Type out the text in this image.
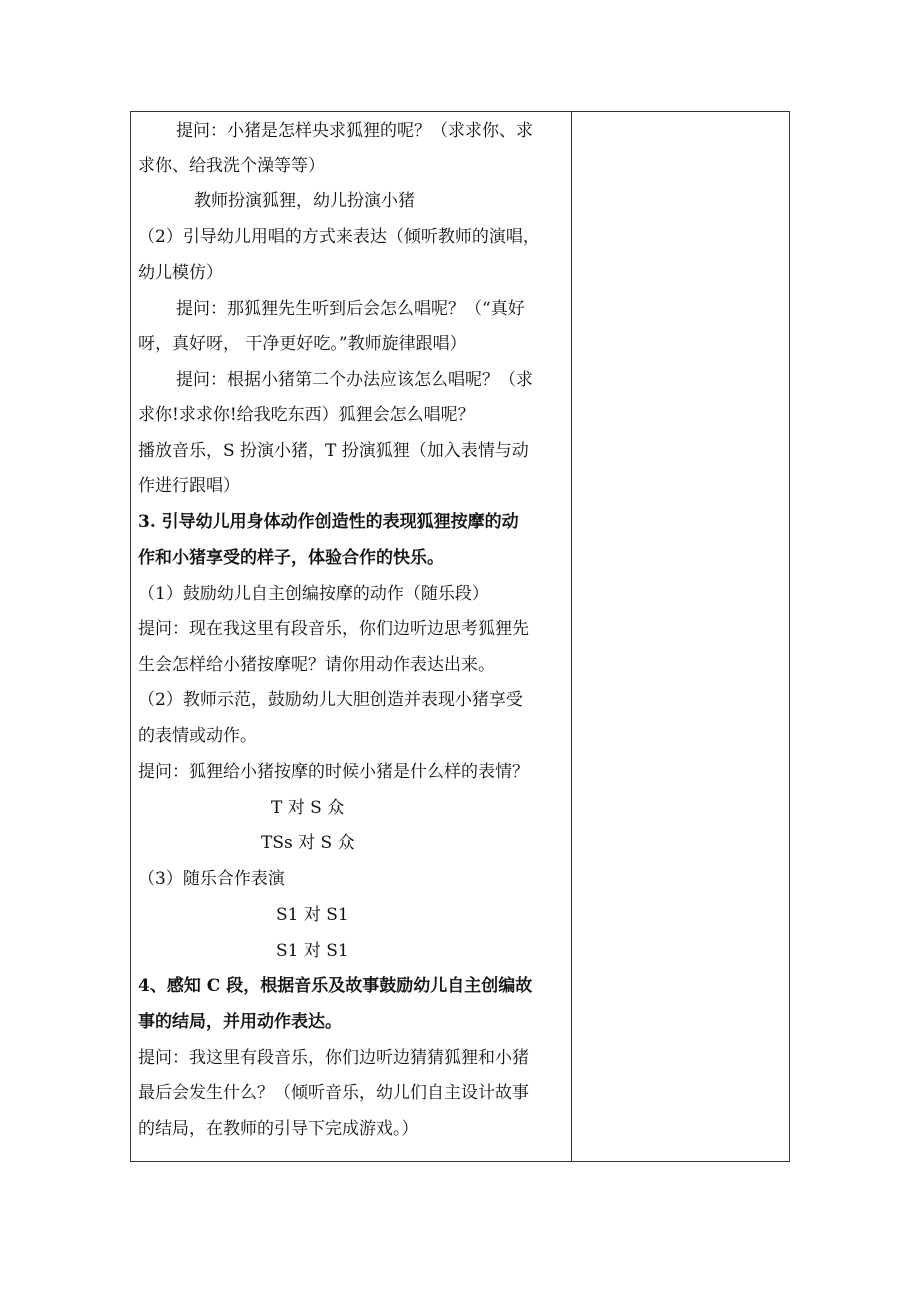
提问：小猪是怎样央求狐狸的呢？（求求你、求
求你、给我洗个澡等等）
教师扮演狐狸，幼儿扮演小猪
（2）引导幼儿用唱的方式来表达（倾听教师的演唱，
幼儿模仿）
提问：那狐狸先生听到后会怎么唱呢？（“真好
呀，真好呀， 干净更好吃。”教师旋律跟唱）
提问：根据小猪第二个办法应该怎么唱呢？（求
求你!求求你!给我吃东西）狐狸会怎么唱呢？
播放音乐，S 扮演小猪，T 扮演狐狸（加入表情与动
作进行跟唱）
3. 引导幼儿用身体动作创造性的表现狐狸按摩的动
作和小猪享受的样子，体验合作的快乐。
（1）鼓励幼儿自主创编按摩的动作（随乐段）
提问：现在我这里有段音乐，你们边听边思考狐狸先
生会怎样给小猪按摩呢？请你用动作表达出来。
（2）教师示范，鼓励幼儿大胆创造并表现小猪享受
的表情或动作。
提问：狐狸给小猪按摩的时候小猪是什么样的表情？
T 对 S 众
TSs 对 S 众
（3）随乐合作表演
S1 对 S1
S1 对 S1
4、感知 C 段，根据音乐及故事鼓励幼儿自主创编故
事的结局，并用动作表达。
提问：我这里有段音乐，你们边听边猜猜狐狸和小猪
最后会发生什么？（倾听音乐，幼儿们自主设计故事
的结局，在教师的引导下完成游戏。）
